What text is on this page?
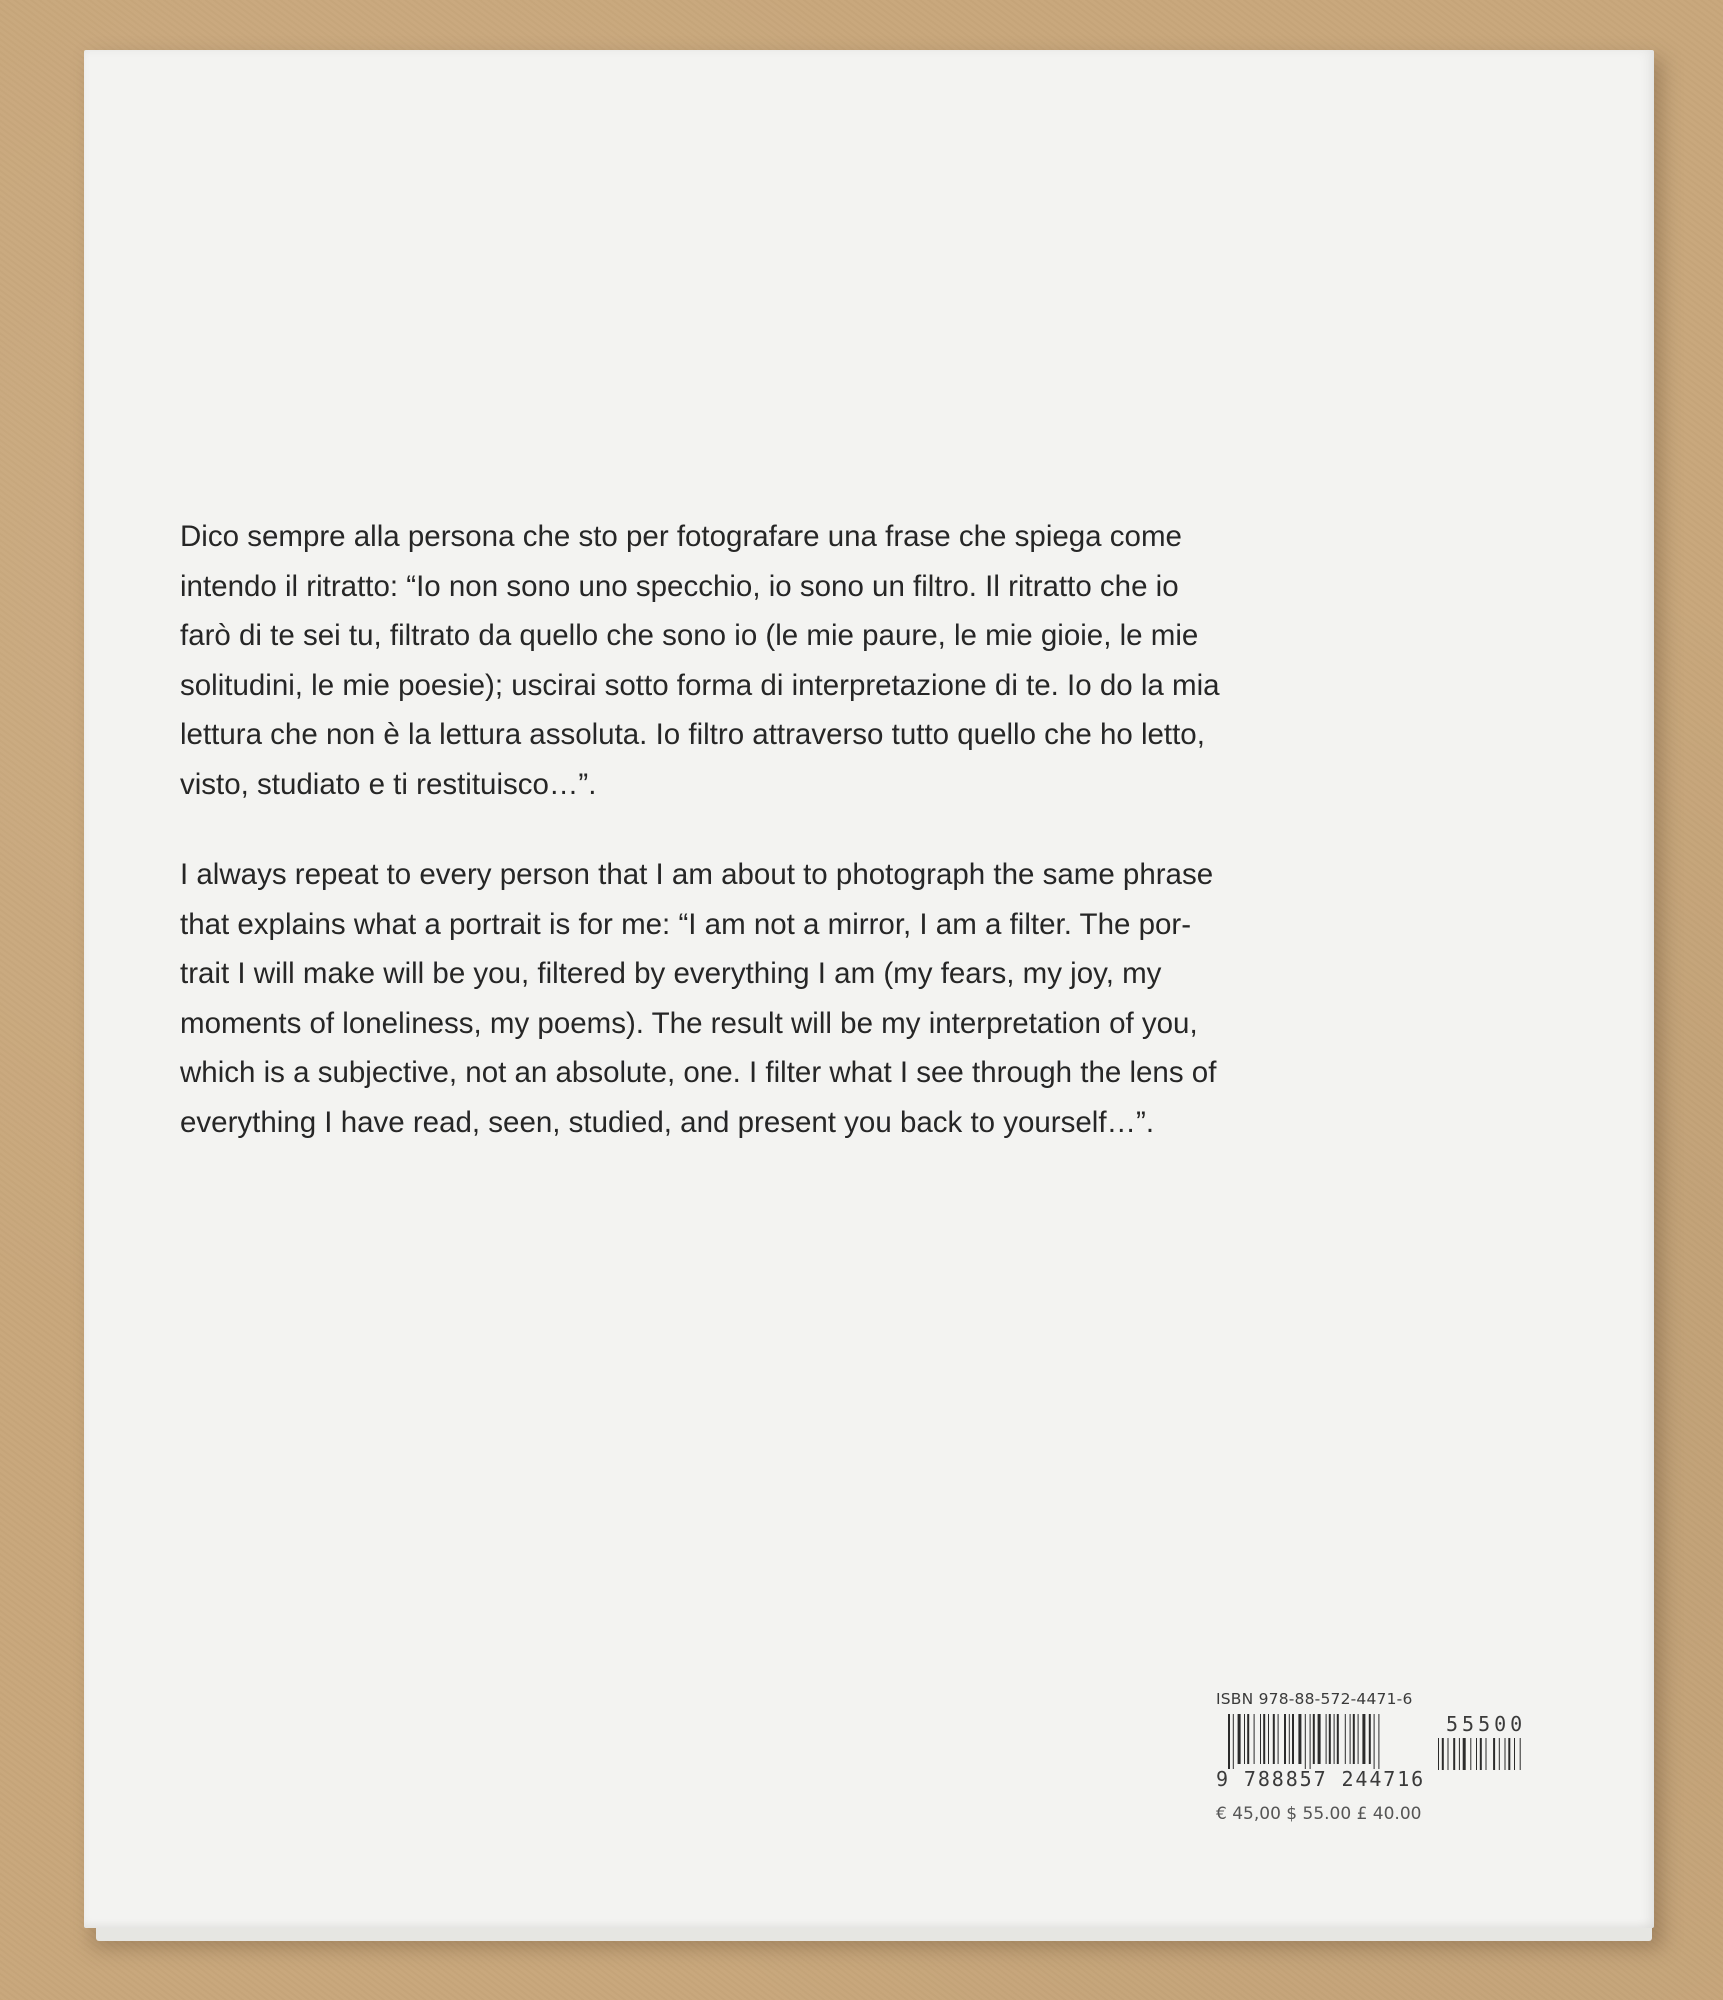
Dico sempre alla persona che sto per fotografare una frase che spiega come
intendo il ritratto: “Io non sono uno specchio, io sono un filtro. Il ritratto che io
farò di te sei tu, filtrato da quello che sono io (le mie paure, le mie gioie, le mie
solitudini, le mie poesie); uscirai sotto forma di interpretazione di te. Io do la mia
lettura che non è la lettura assoluta. Io filtro attraverso tutto quello che ho letto,
visto, studiato e ti restituisco…”.

I always repeat to every person that I am about to photograph the same phrase
that explains what a portrait is for me: “I am not a mirror, I am a filter. The por-
trait I will make will be you, filtered by everything I am (my fears, my joy, my
moments of loneliness, my poems). The result will be my interpretation of you,
which is a subjective, not an absolute, one. I filter what I see through the lens of
everything I have read, seen, studied, and present you back to yourself…”.

ISBN 978-88-572-4471-6
55500
9 788857 244716
€ 45,00 $ 55.00 £ 40.00
